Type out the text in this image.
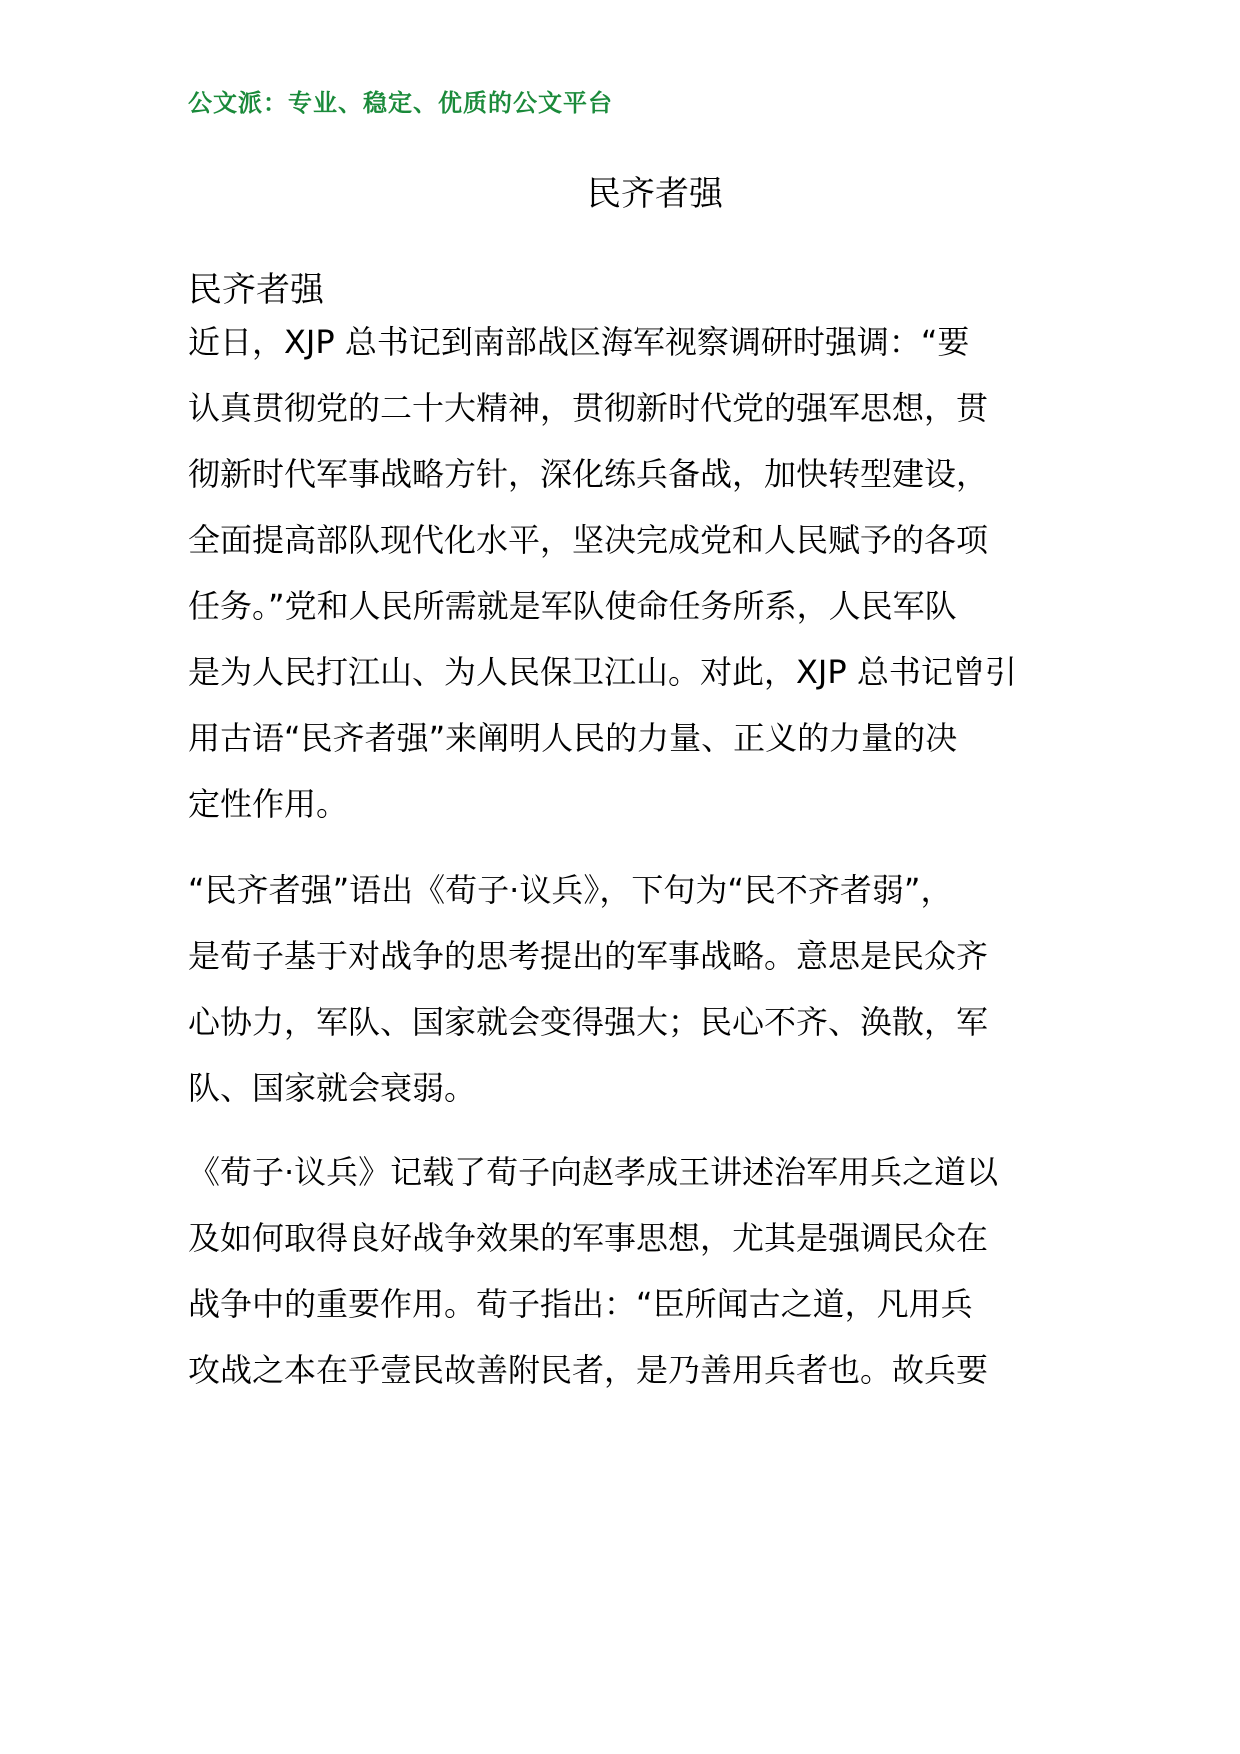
公文派：专业、稳定、优质的公文平台
民齐者强
民齐者强
近日，XJP 总书记到南部战区海军视察调研时强调：“要
认真贯彻党的二十大精神，贯彻新时代党的强军思想，贯
彻新时代军事战略方针，深化练兵备战，加快转型建设，
全面提高部队现代化水平，坚决完成党和人民赋予的各项
任务。”党和人民所需就是军队使命任务所系，人民军队
是为人民打江山、为人民保卫江山。对此，XJP 总书记曾引
用古语“民齐者强”来阐明人民的力量、正义的力量的决
定性作用。
“民齐者强”语出《荀子·议兵》，下句为“民不齐者弱”，
是荀子基于对战争的思考提出的军事战略。意思是民众齐
心协力，军队、国家就会变得强大；民心不齐、涣散，军
队、国家就会衰弱。
《荀子·议兵》记载了荀子向赵孝成王讲述治军用兵之道以
及如何取得良好战争效果的军事思想，尤其是强调民众在
战争中的重要作用。荀子指出：“臣所闻古之道，凡用兵
攻战之本在乎壹民故善附民者，是乃善用兵者也。故兵要
